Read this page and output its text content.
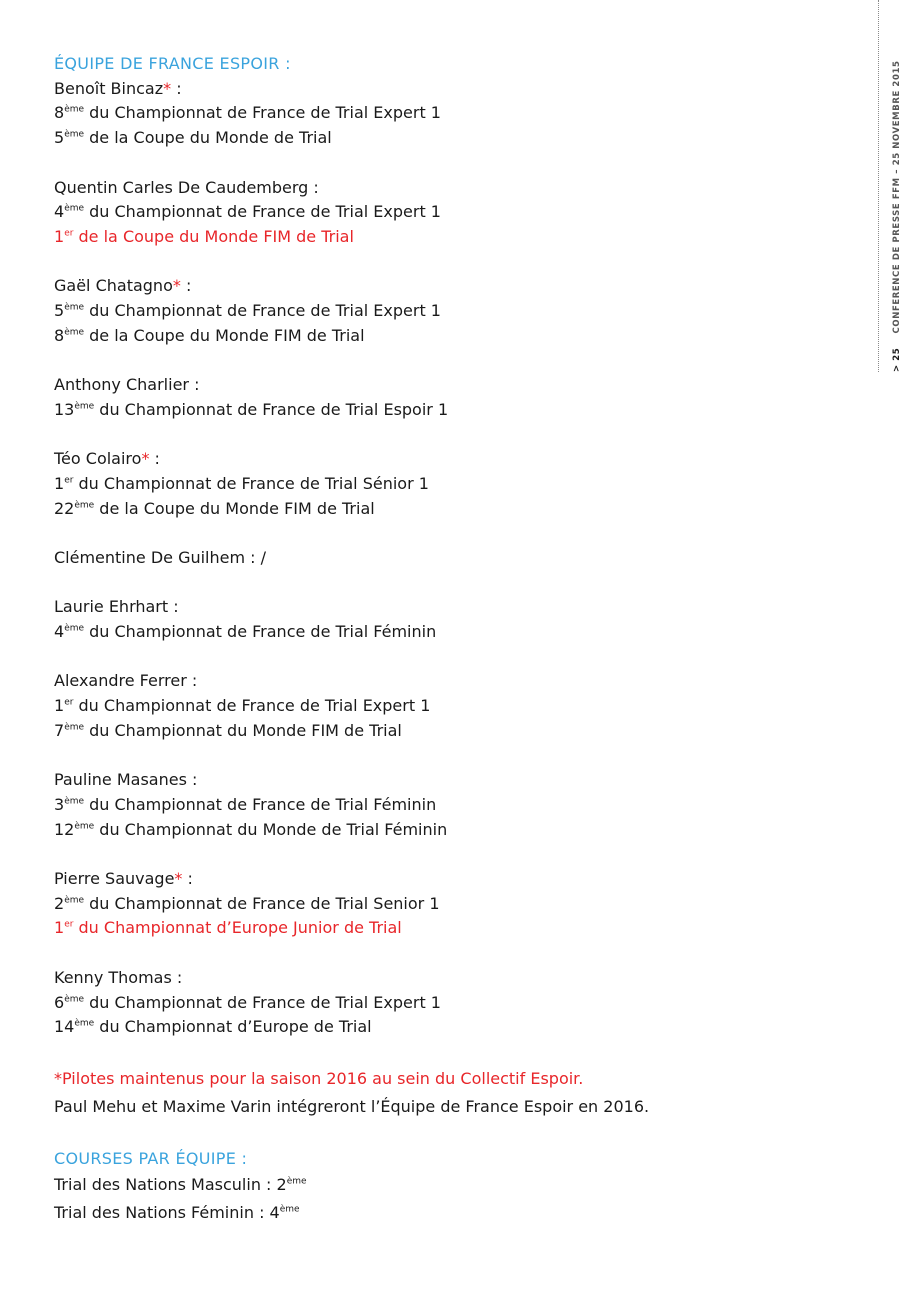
ÉQUIPE DE FRANCE ESPOIR :
Benoît Bincaz* :
8ème du Championnat de France de Trial Expert 1
5ème de la Coupe du Monde de Trial
Quentin Carles De Caudemberg :
4ème du Championnat de France de Trial Expert 1
1er de la Coupe du Monde FIM de Trial
Gaël Chatagno* :
5ème du Championnat de France de Trial Expert 1
8ème de la Coupe du Monde FIM de Trial
Anthony Charlier :
13ème du Championnat de France de Trial Espoir 1
Téo Colairo* :
1er du Championnat de France de Trial Sénior 1
22ème de la Coupe du Monde FIM de Trial
Clémentine De Guilhem : /
Laurie Ehrhart :
4ème du Championnat de France de Trial Féminin
Alexandre Ferrer :
1er du Championnat de France de Trial Expert 1
7ème du Championnat du Monde FIM de Trial
Pauline Masanes :
3ème du Championnat de France de Trial Féminin
12ème du Championnat du Monde de Trial Féminin
Pierre Sauvage* :
2ème du Championnat de France de Trial Senior 1
1er du Championnat d’Europe Junior de Trial
Kenny Thomas :
6ème du Championnat de France de Trial Expert 1
14ème du Championnat d’Europe de Trial
*Pilotes maintenus pour la saison 2016 au sein du Collectif Espoir.
Paul Mehu et Maxime Varin intégreront l’Équipe de France Espoir en 2016.
COURSES PAR ÉQUIPE :
Trial des Nations Masculin : 2ème
Trial des Nations Féminin : 4ème
> 25    CONFERENCE DE PRESSE FFM – 25 NOVEMBRE 2015
